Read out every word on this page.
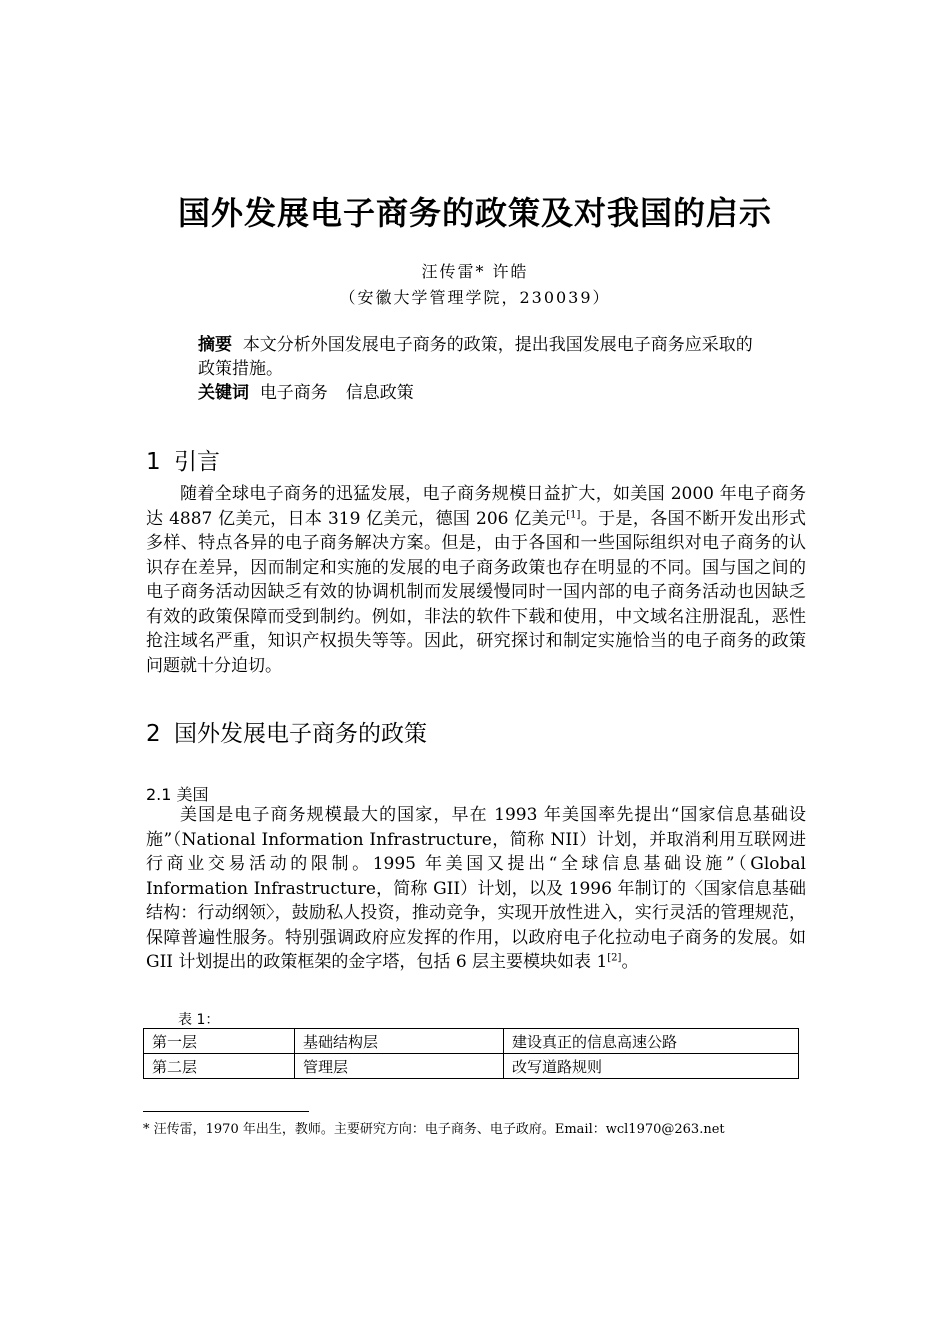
国外发展电子商务的政策及对我国的启示
汪传雷* 许皓
（安徽大学管理学院，230039）
摘要 本文分析外国发展电子商务的政策，提出我国发展电子商务应采取的政策措施。
关键词 电子商务 信息政策
1 引言
随着全球电子商务的迅猛发展，电子商务规模日益扩大，如美国 2000 年电子商务达 4887 亿美元，日本 319 亿美元，德国 206 亿美元[1]。于是，各国不断开发出形式多样、特点各异的电子商务解决方案。但是，由于各国和一些国际组织对电子商务的认识存在差异，因而制定和实施的发展的电子商务政策也存在明显的不同。国与国之间的电子商务活动因缺乏有效的协调机制而发展缓慢同时一国内部的电子商务活动也因缺乏有效的政策保障而受到制约。例如，非法的软件下载和使用，中文域名注册混乱，恶性抢注域名严重，知识产权损失等等。因此，研究探讨和制定实施恰当的电子商务的政策问题就十分迫切。
2 国外发展电子商务的政策
2.1 美国
美国是电子商务规模最大的国家，早在 1993 年美国率先提出“国家信息基础设施”（National Information Infrastructure，简称 NII）计划，并取消利用互联网进行商业交易活动的限制。1995 年美国又提出“全球信息基础设施”（Global Information Infrastructure，简称 GII）计划，以及 1996 年制订的〈国家信息基础结构：行动纲领〉，鼓励私人投资，推动竞争，实现开放性进入，实行灵活的管理规范，保障普遍性服务。特别强调政府应发挥的作用，以政府电子化拉动电子商务的发展。如 GII 计划提出的政策框架的金字塔，包括 6 层主要模块如表 1[2]。
表 1：
第一层	基础结构层	建设真正的信息高速公路
第二层	管理层	改写道路规则
* 汪传雷，1970 年出生，教师。主要研究方向：电子商务、电子政府。Email：wcl1970@263.net
